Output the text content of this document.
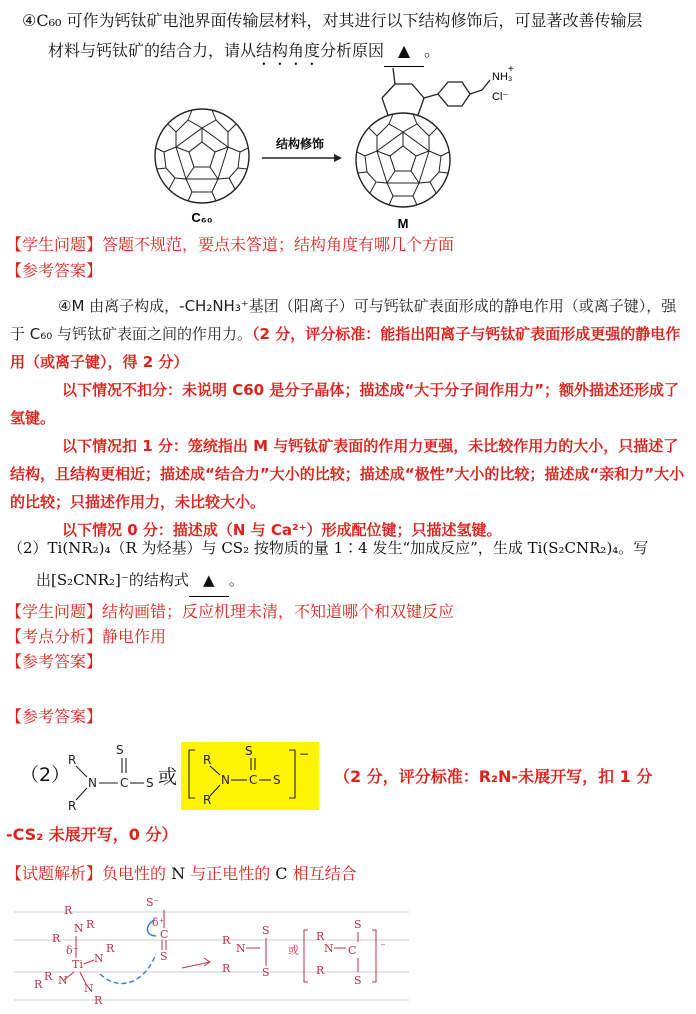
④C₆₀ 可作为钙钛矿电池界面传输层材料，对其进行以下结构修饰后，可显著改善传输层
材料与钙钛矿的结合力，请从结构角度分析原因 ▲ 。
C₆₀
结构修饰
M
NH₃
+
Cl⁻
【学生问题】答题不规范，要点未答道；结构角度有哪几个方面
【参考答案】
④M 由离子构成，-CH₂NH₃⁺基团（阳离子）可与钙钛矿表面形成的静电作用（或离子键），强于 C₆₀ 与钙钛矿表面之间的作用力。（2 分，评分标准：能指出阳离子与钙钛矿表面形成更强的静电作用（或离子键），得 2 分）
以下情况不扣分：未说明 C60 是分子晶体；描述成“大于分子间作用力”；额外描述还形成了氢键。
以下情况扣 1 分：笼统指出 M 与钙钛矿表面的作用力更强，未比较作用力的大小，只描述了结构，且结构更相近；描述成“结合力”大小的比较；描述成“极性”大小的比较；描述成“亲和力”大小的比较；只描述作用力，未比较大小。
以下情况 0 分：描述成（N 与 Ca²⁺）形成配位键；只描述氢键。
（2）Ti(NR₂)₄（R 为烃基）与 CS₂ 按物质的量 1∶4 发生“加成反应”，生成 Ti(S₂CNR₂)₄。写
出[S₂CNR₂]⁻的结构式 ▲ 。
【学生问题】结构画错；反应机理未清，不知道哪个和双键反应
【考点分析】静电作用
【参考答案】
【参考答案】
（2）
R
R
N C
S
S 或
R
R
N C
S
S
−
（2 分，评分标准：R₂N-未展开写，扣 1 分
-CS₂ 未展开写，0 分）
【试题解析】负电性的 N 与正电性的 C 相互结合
R
N R
R
δ⁻
Ti N
R
R N
R	N
R
S⁻
δ⁺
C
S
N
R
R
S
S
或 N
R
R
C
S
S
⁻
